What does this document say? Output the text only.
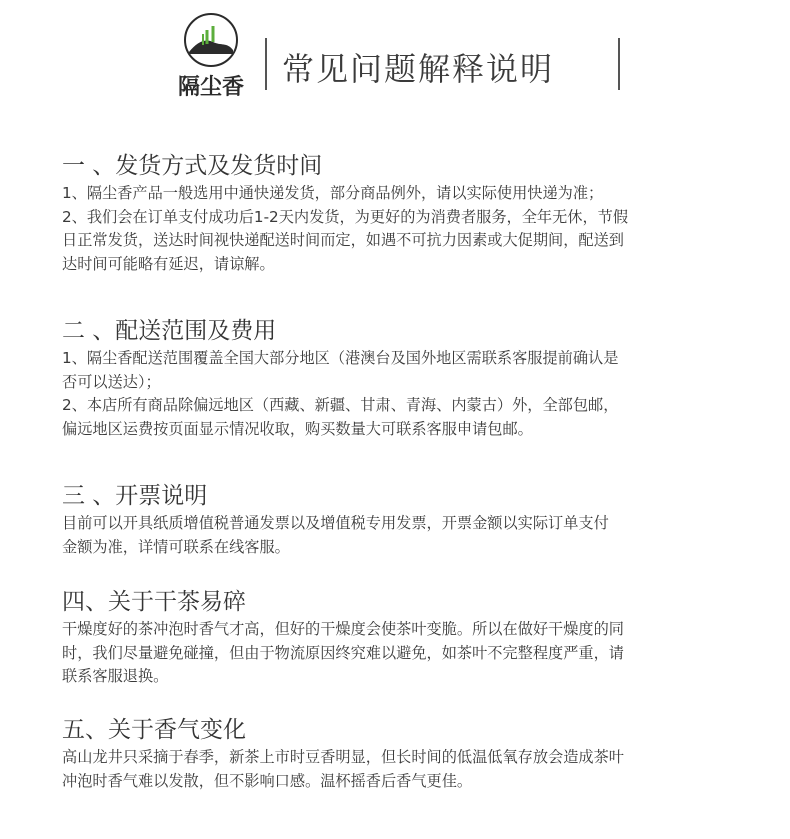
隔尘香 常见问题解释说明
一 、发货方式及发货时间

1、隔尘香产品一般选用中通快递发货，部分商品例外，请以实际使用快递为准；

2、我们会在订单支付成功后1-2天内发货，为更好的为消费者服务，全年无休，节假

日正常发货，送达时间视快递配送时间而定，如遇不可抗力因素或大促期间，配送到

达时间可能略有延迟，请谅解。

二 、配送范围及费用

1、隔尘香配送范围覆盖全国大部分地区（港澳台及国外地区需联系客服提前确认是

否可以送达）；

2、本店所有商品除偏远地区（西藏、新疆、甘肃、青海、内蒙古）外，全部包邮，

偏远地区运费按页面显示情况收取，购买数量大可联系客服申请包邮。

三 、开票说明

目前可以开具纸质增值税普通发票以及增值税专用发票，开票金额以实际订单支付

金额为准，详情可联系在线客服。

四、关于干茶易碎

干燥度好的茶冲泡时香气才高，但好的干燥度会使茶叶变脆。所以在做好干燥度的同

时，我们尽量避免碰撞，但由于物流原因终究难以避免，如茶叶不完整程度严重，请

联系客服退换。

五、关于香气变化

高山龙井只采摘于春季，新茶上市时豆香明显，但长时间的低温低氧存放会造成茶叶

冲泡时香气难以发散，但不影响口感。温杯摇香后香气更佳。
